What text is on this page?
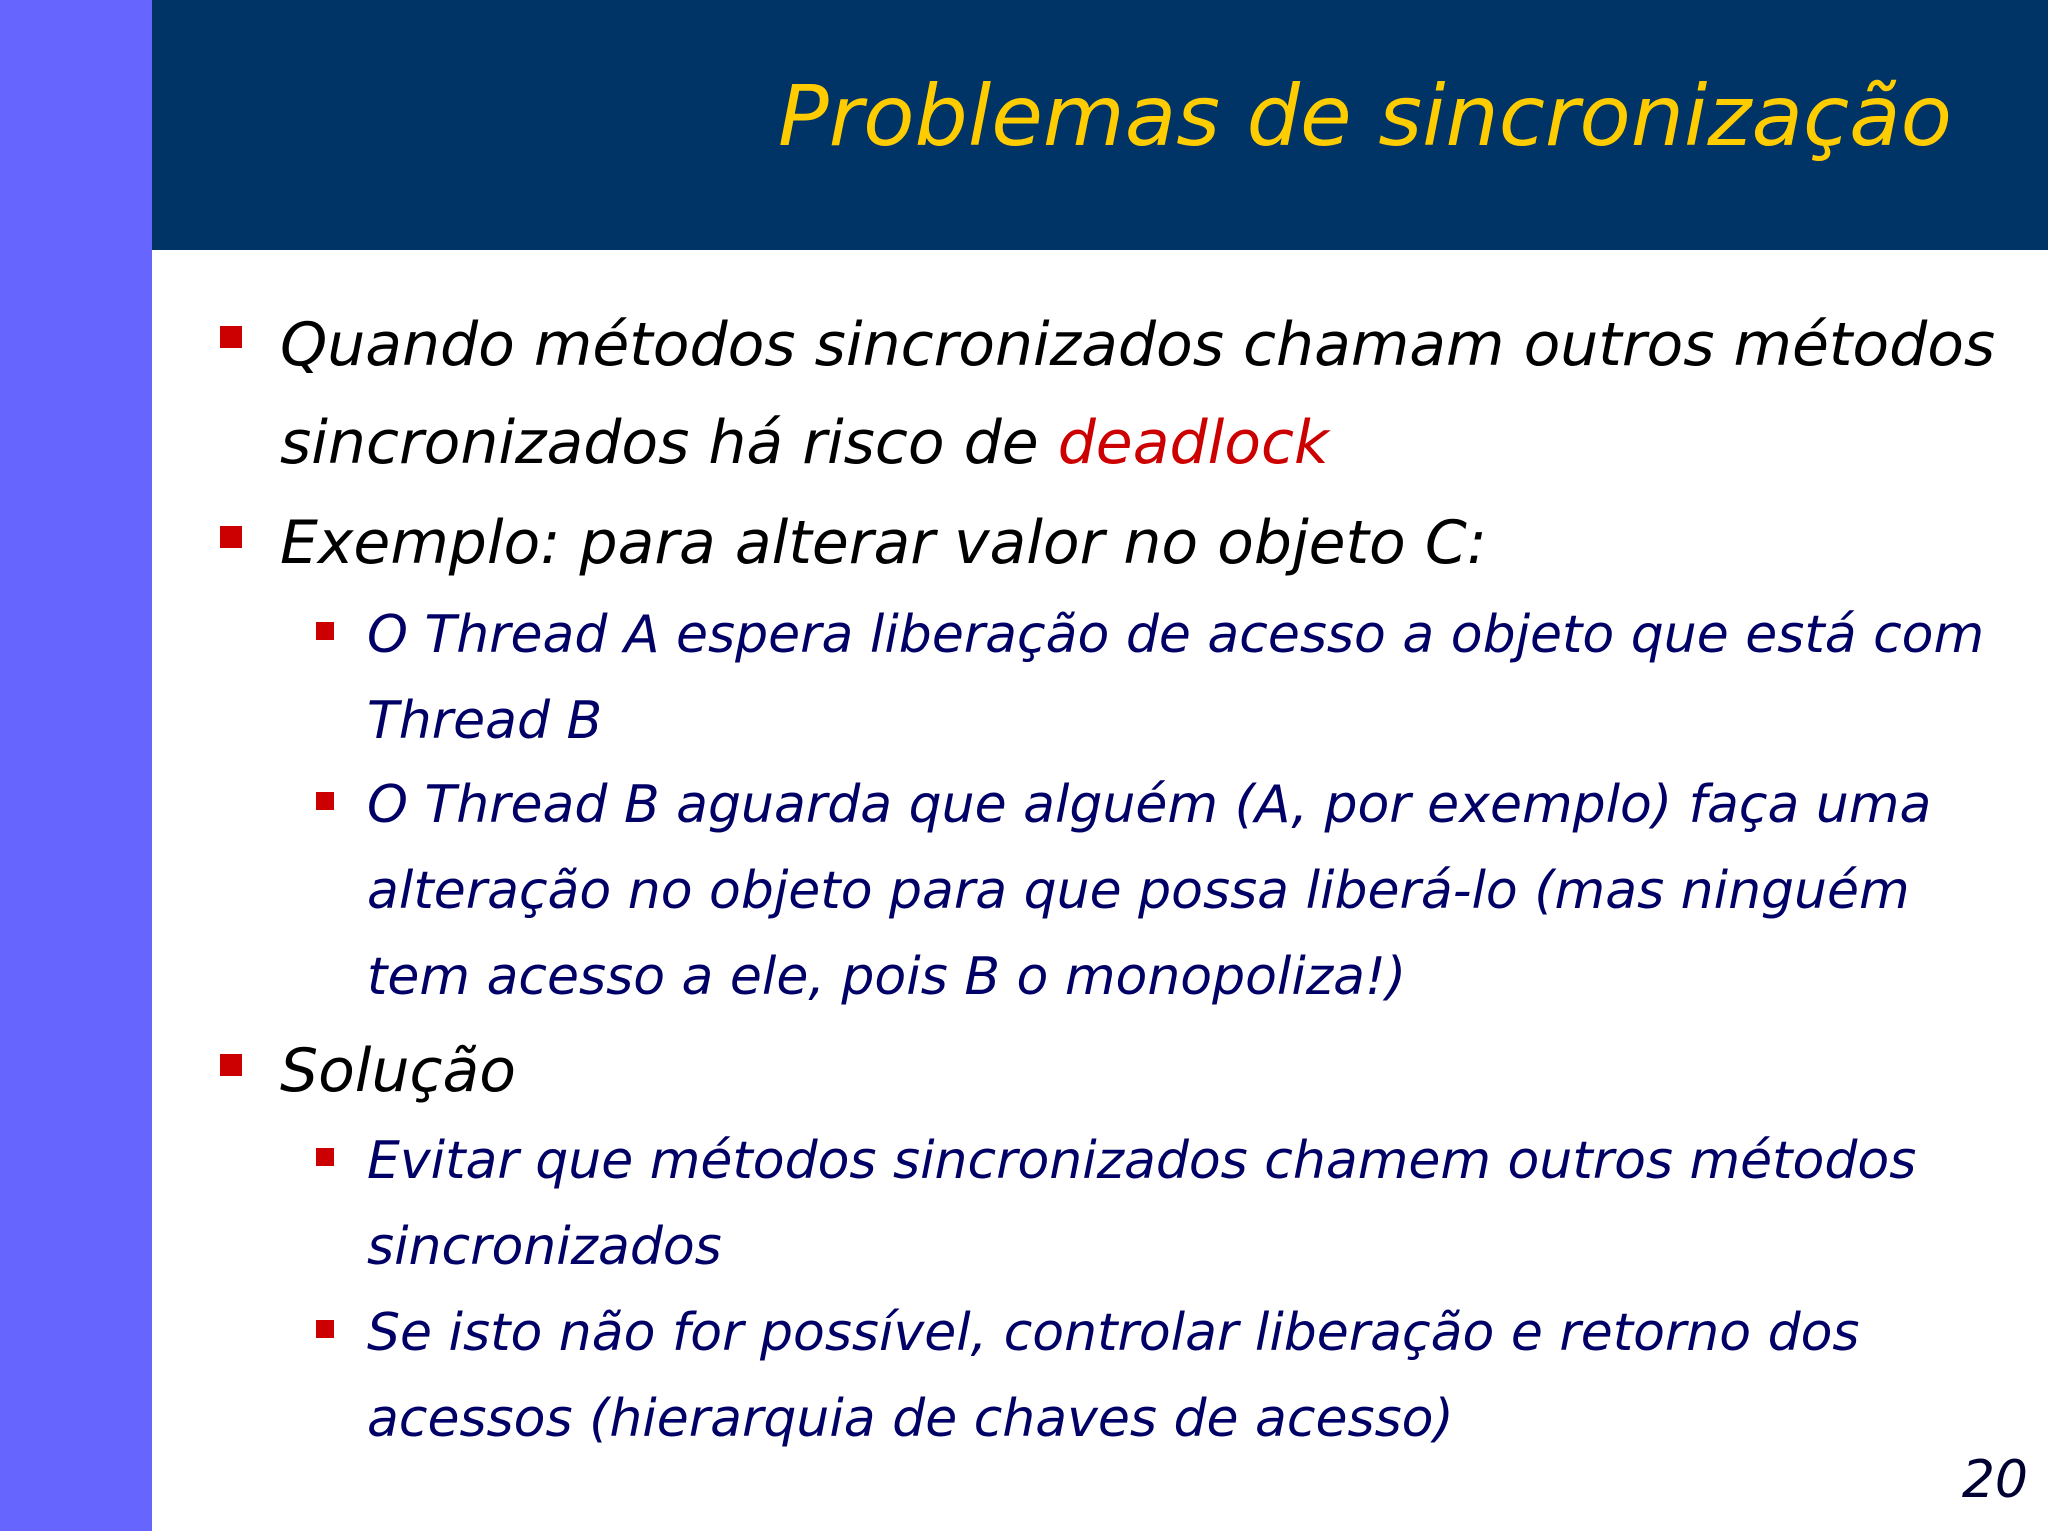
Problemas de sincronização

Quando métodos sincronizados chamam outros métodos sincronizados há risco de deadlock

Exemplo: para alterar valor no objeto C:

O Thread A espera liberação de acesso a objeto que está com Thread B

O Thread B aguarda que alguém (A, por exemplo) faça uma alteração no objeto para que possa liberá-lo (mas ninguém tem acesso a ele, pois B o monopoliza!)

Solução

Evitar que métodos sincronizados chamem outros métodos sincronizados

Se isto não for possível, controlar liberação e retorno dos acessos (hierarquia de chaves de acesso)

20
